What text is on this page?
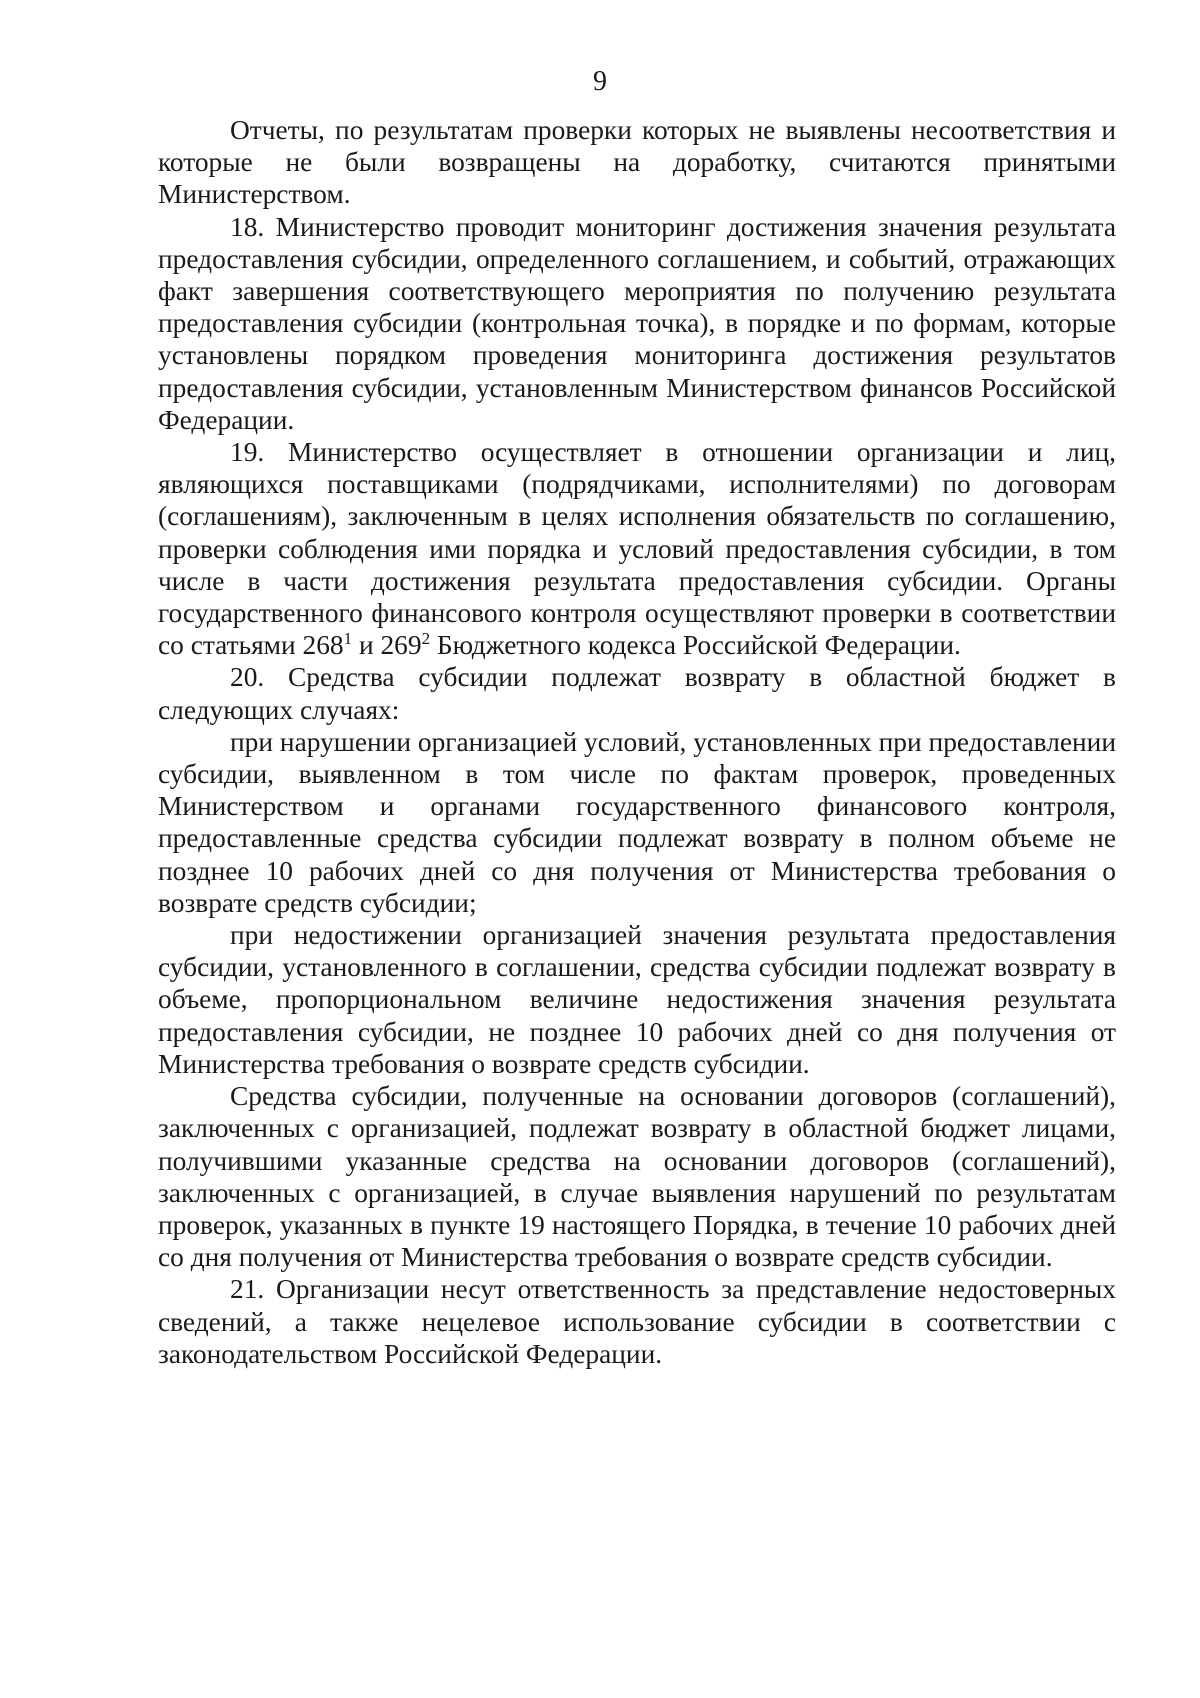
9

Отчеты, по результатам проверки которых не выявлены несоответствия и которые не были возвращены на доработку, считаются принятыми Министерством.

18. Министерство проводит мониторинг достижения значения результата предоставления субсидии, определенного соглашением, и событий, отражающих факт завершения соответствующего мероприятия по получению результата предоставления субсидии (контрольная точка), в порядке и по формам, которые установлены порядком проведения мониторинга достижения результатов предоставления субсидии, установленным Министерством финансов Российской Федерации.

19. Министерство осуществляет в отношении организации и лиц, являющихся поставщиками (подрядчиками, исполнителями) по договорам (соглашениям), заключенным в целях исполнения обязательств по соглашению, проверки соблюдения ими порядка и условий предоставления субсидии, в том числе в части достижения результата предоставления субсидии. Органы государственного финансового контроля осуществляют проверки в соответствии со статьями $268^1$ и $269^2$ Бюджетного кодекса Российской Федерации.

20. Средства субсидии подлежат возврату в областной бюджет в следующих случаях:

при нарушении организацией условий, установленных при предоставлении субсидии, выявленном в том числе по фактам проверок, проведенных Министерством и органами государственного финансового контроля, предоставленные средства субсидии подлежат возврату в полном объеме не позднее 10 рабочих дней со дня получения от Министерства требования о возврате средств субсидии;

при недостижении организацией значения результата предоставления субсидии, установленного в соглашении, средства субсидии подлежат возврату в объеме, пропорциональном величине недостижения значения результата предоставления субсидии, не позднее 10 рабочих дней со дня получения от Министерства требования о возврате средств субсидии.

Средства субсидии, полученные на основании договоров (соглашений), заключенных с организацией, подлежат возврату в областной бюджет лицами, получившими указанные средства на основании договоров (соглашений), заключенных с организацией, в случае выявления нарушений по результатам проверок, указанных в пункте 19 настоящего Порядка, в течение 10 рабочих дней со дня получения от Министерства требования о возврате средств субсидии.

21. Организации несут ответственность за представление недостоверных сведений, а также нецелевое использование субсидии в соответствии с законодательством Российской Федерации.
